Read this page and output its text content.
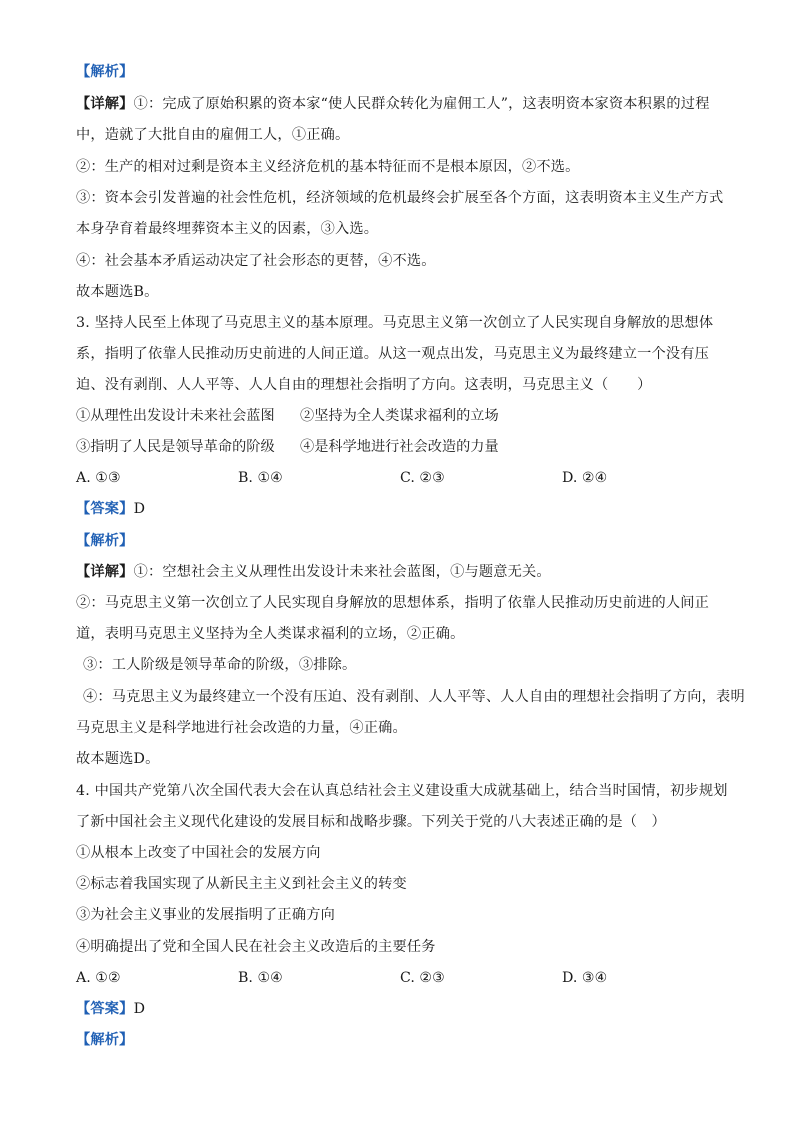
【解析】
【详解】①：完成了原始积累的资本家“使人民群众转化为雇佣工人”，这表明资本家资本积累的过程
中，造就了大批自由的雇佣工人，①正确。
②：生产的相对过剩是资本主义经济危机的基本特征而不是根本原因，②不选。
③：资本会引发普遍的社会性危机，经济领域的危机最终会扩展至各个方面，这表明资本主义生产方式
本身孕育着最终埋葬资本主义的因素，③入选。
④：社会基本矛盾运动决定了社会形态的更替，④不选。
故本题选B。
3. 坚持人民至上体现了马克思主义的基本原理。马克思主义第一次创立了人民实现自身解放的思想体
系，指明了依靠人民推动历史前进的人间正道。从这一观点出发，马克思主义为最终建立一个没有压
迫、没有剥削、人人平等、人人自由的理想社会指明了方向。这表明，马克思主义（　　）
①从理性出发设计未来社会蓝图 ②坚持为全人类谋求福利的立场
③指明了人民是领导革命的阶级 ④是科学地进行社会改造的力量
A. ①③	B. ①④	C. ②③	D. ②④
【答案】D
【解析】
【详解】①：空想社会主义从理性出发设计未来社会蓝图，①与题意无关。
②：马克思主义第一次创立了人民实现自身解放的思想体系，指明了依靠人民推动历史前进的人间正
道，表明马克思主义坚持为全人类谋求福利的立场，②正确。
③：工人阶级是领导革命的阶级，③排除。
④：马克思主义为最终建立一个没有压迫、没有剥削、人人平等、人人自由的理想社会指明了方向，表明
马克思主义是科学地进行社会改造的力量，④正确。
故本题选D。
4. 中国共产党第八次全国代表大会在认真总结社会主义建设重大成就基础上，结合当时国情，初步规划
了新中国社会主义现代化建设的发展目标和战略步骤。下列关于党的八大表述正确的是（　）
①从根本上改变了中国社会的发展方向
②标志着我国实现了从新民主主义到社会主义的转变
③为社会主义事业的发展指明了正确方向
④明确提出了党和全国人民在社会主义改造后的主要任务
A. ①②	B. ①④	C. ②③	D. ③④
【答案】D
【解析】
